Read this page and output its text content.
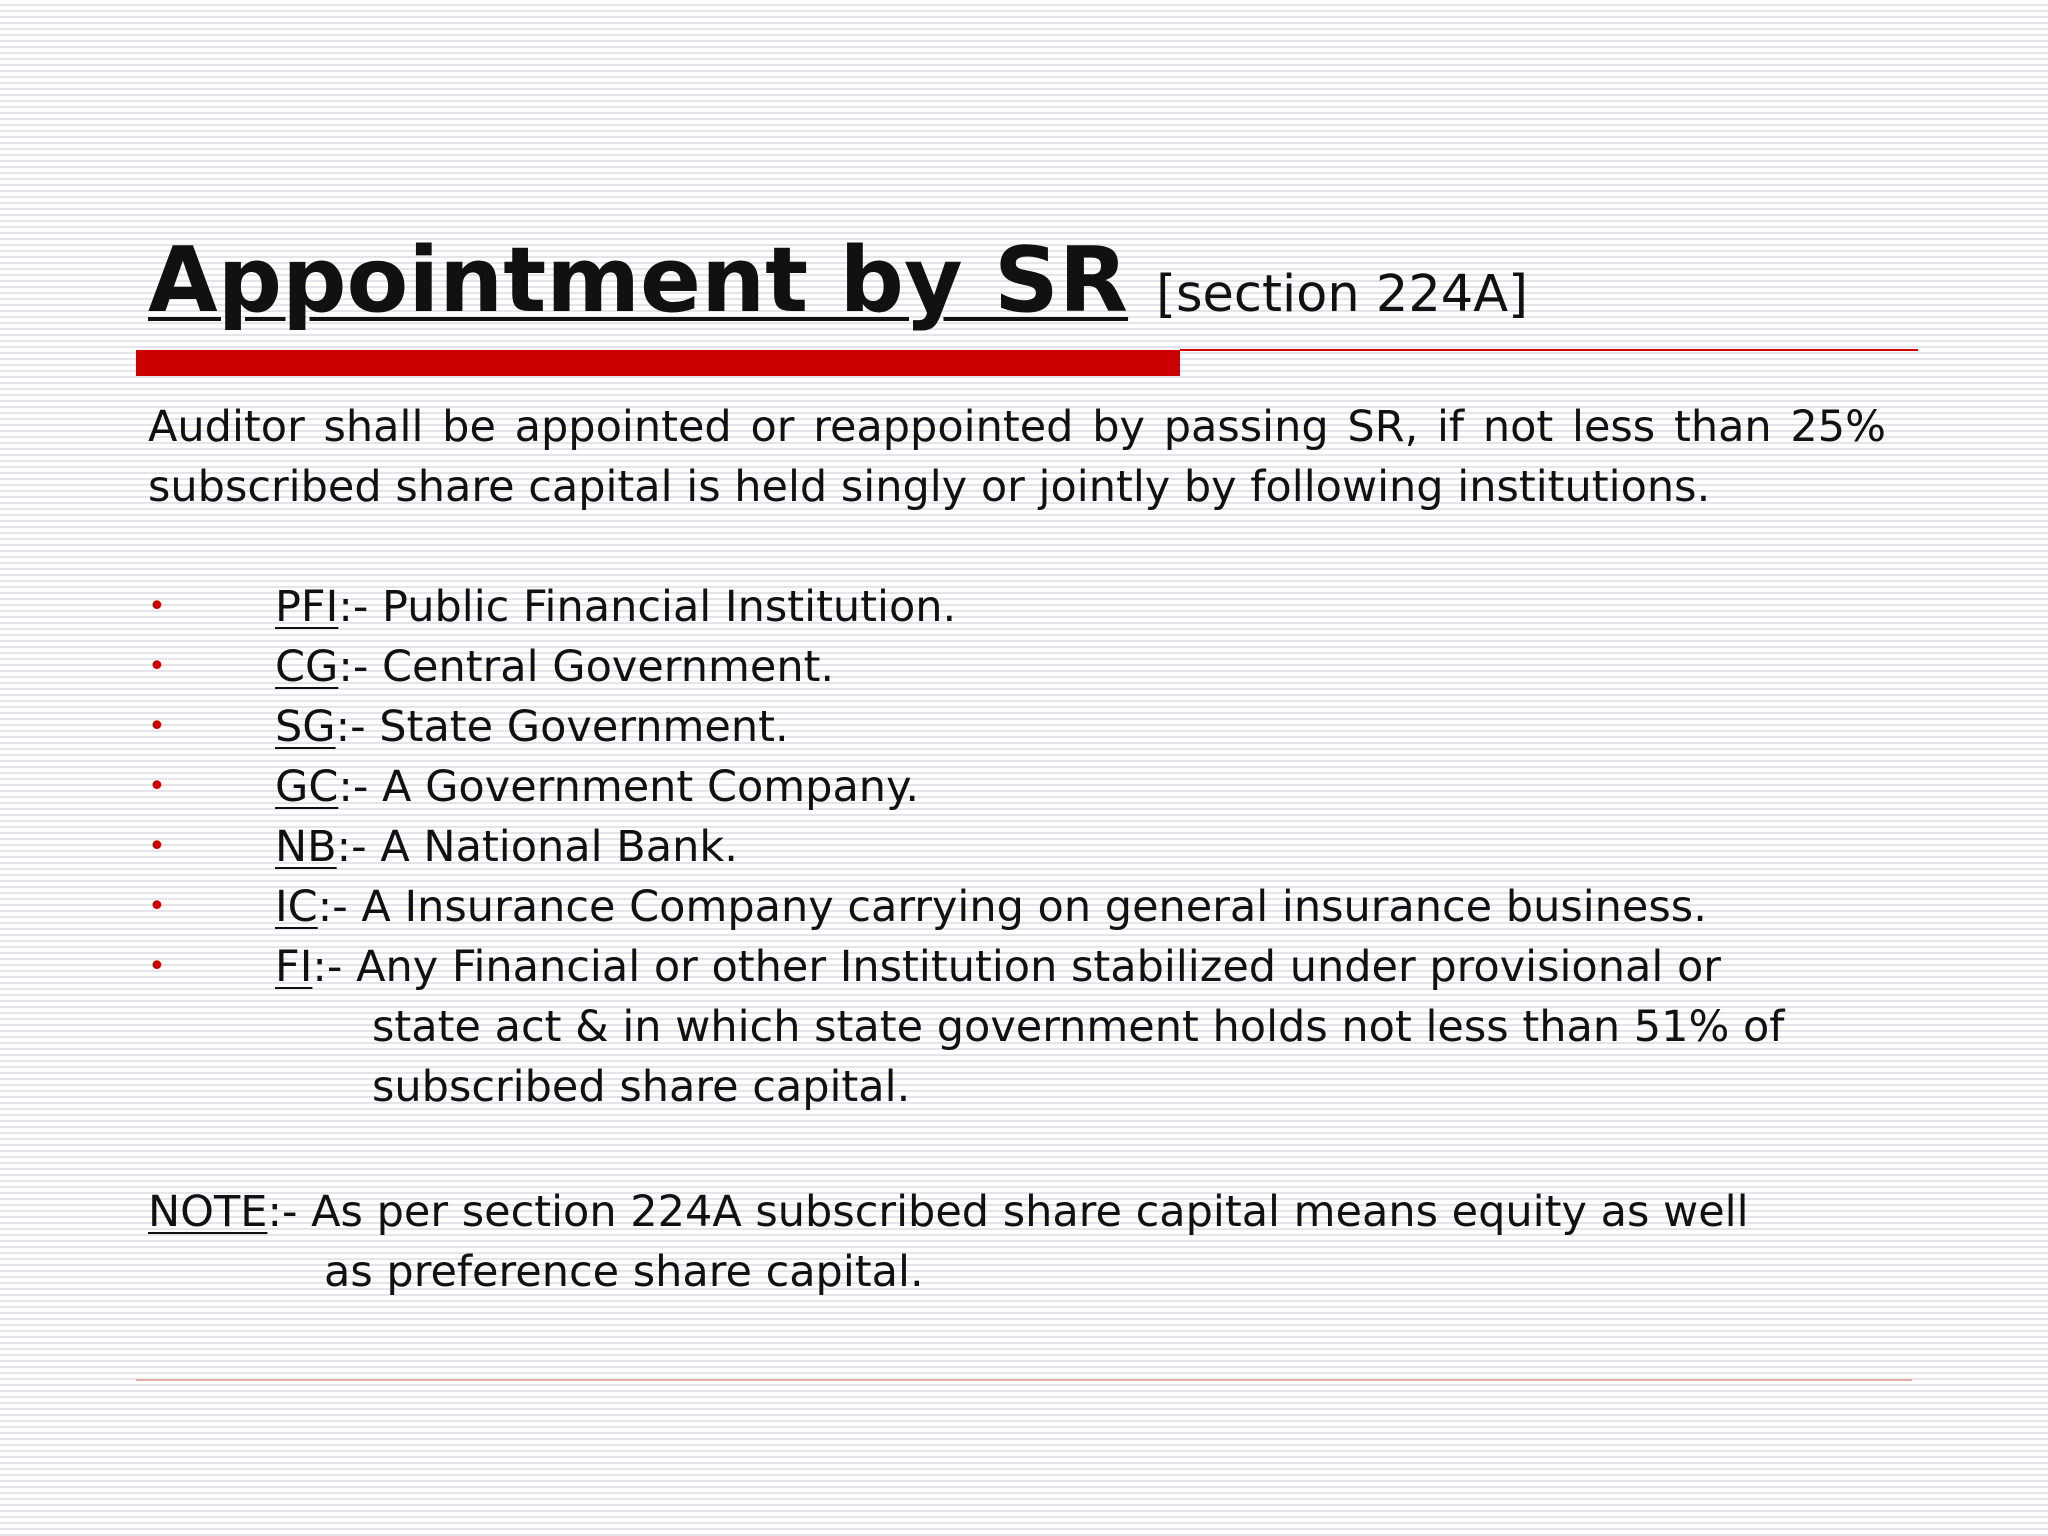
Appointment by SR [section 224A]
Auditor shall be appointed or reappointed by passing SR, if not less than 25% subscribed share capital is held singly or jointly by following institutions.
•	PFI:- Public Financial Institution.
•	CG:- Central Government.
•	SG:- State Government.
•	GC:- A Government Company.
•	NB:- A National Bank.
•	IC:- A Insurance Company carrying on general insurance business.
•	FI:- Any Financial or other Institution stabilized under provisional or
state act & in which state government holds not less than 51% of
subscribed share capital.
NOTE:- As per section 224A subscribed share capital means equity as well
as preference share capital.
